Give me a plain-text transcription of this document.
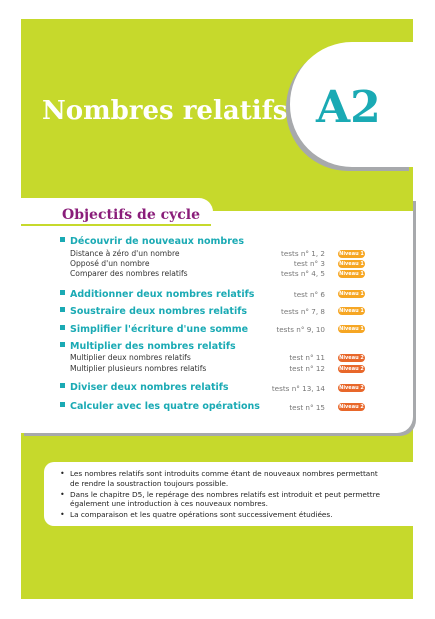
Nombres relatifs A2
Objectifs de cycle
Découvrir de nouveaux nombres
Distance à zéro d'un nombre	tests n° 1, 2	Niveau 1
Opposé d'un nombre	test n° 3	Niveau 1
Comparer des nombres relatifs	tests n° 4, 5	Niveau 1
Additionner deux nombres relatifs	test n° 6	Niveau 1
Soustraire deux nombres relatifs	tests n° 7, 8	Niveau 1
Simplifier l'écriture d'une somme	tests n° 9, 10	Niveau 1
Multiplier des nombres relatifs
Multiplier deux nombres relatifs	test n° 11	Niveau 2
Multiplier plusieurs nombres relatifs	test n° 12	Niveau 2
Diviser deux nombres relatifs	tests n° 13, 14	Niveau 2
Calculer avec les quatre opérations	test n° 15	Niveau 2
• Les nombres relatifs sont introduits comme étant de nouveaux nombres permettant de rendre la soustraction toujours possible.
• Dans le chapitre D5, le repérage des nombres relatifs est introduit et peut permettre également une introduction à ces nouveaux nombres.
• La comparaison et les quatre opérations sont successivement étudiées.
